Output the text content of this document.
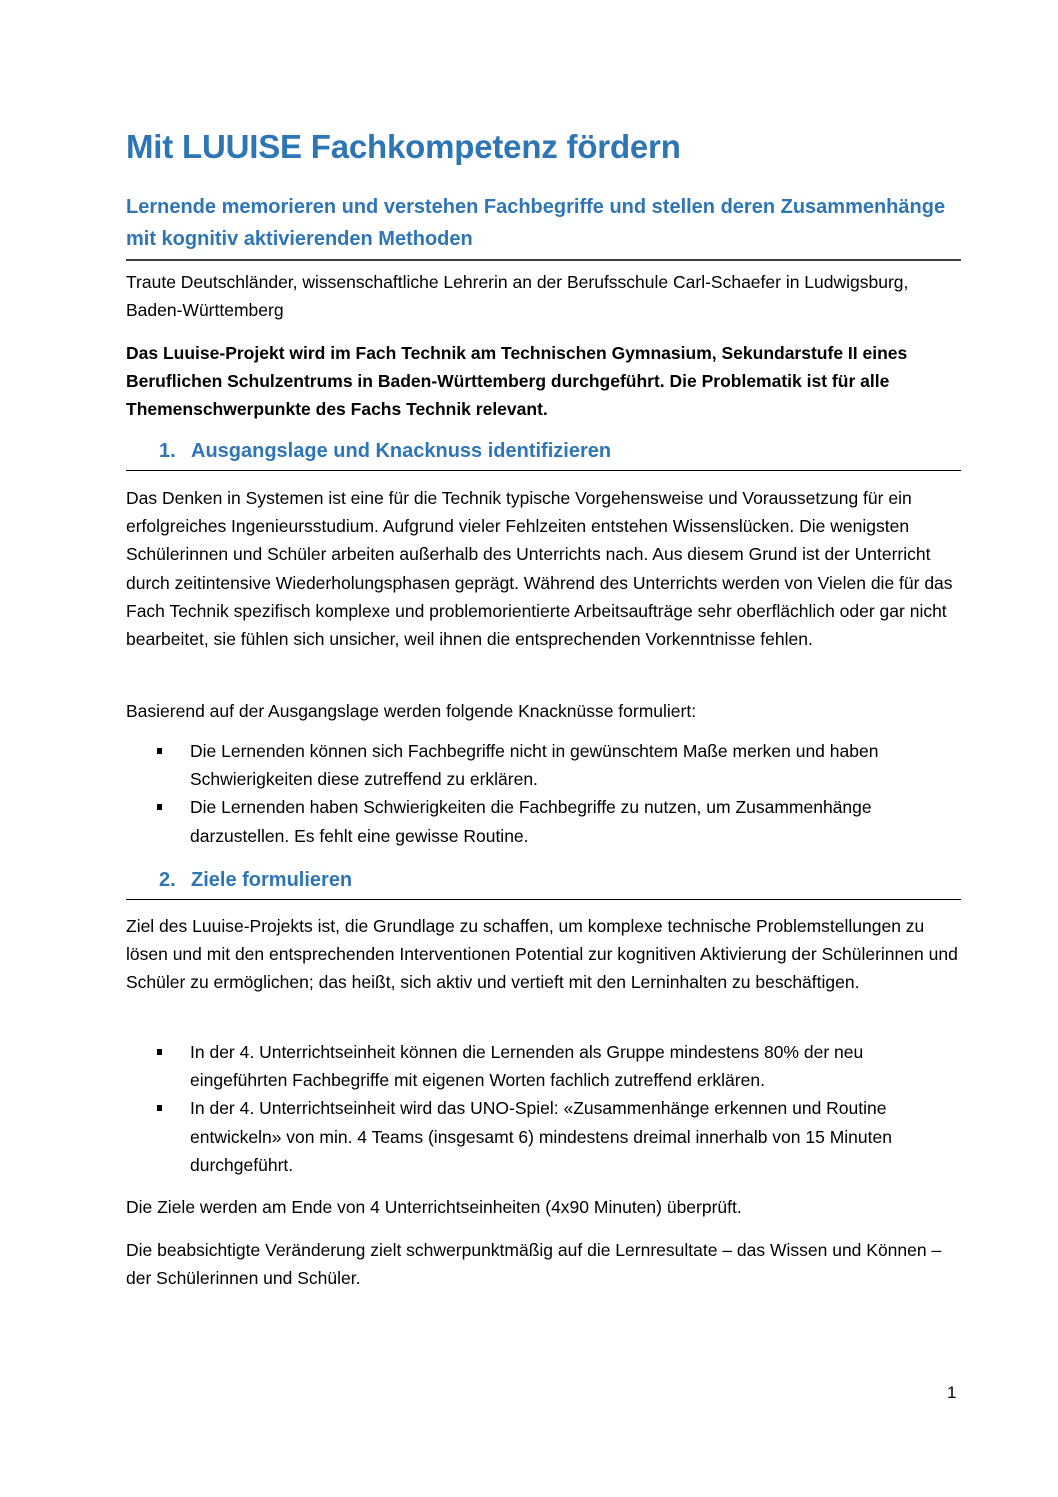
Mit LUUISE Fachkompetenz fördern
Lernende memorieren und verstehen Fachbegriffe und stellen deren Zusammenhänge mit kognitiv aktivierenden Methoden
Traute Deutschländer, wissenschaftliche Lehrerin an der Berufsschule Carl-Schaefer in Ludwigsburg, Baden-Württemberg
Das Luuise-Projekt wird im Fach Technik am Technischen Gymnasium, Sekundarstufe II eines Beruflichen Schulzentrums in Baden-Württemberg durchgeführt. Die Problematik ist für alle Themenschwerpunkte des Fachs Technik relevant.
1. Ausgangslage und Knacknuss identifizieren
Das Denken in Systemen ist eine für die Technik typische Vorgehensweise und Voraussetzung für ein erfolgreiches Ingenieursstudium. Aufgrund vieler Fehlzeiten entstehen Wissenslücken. Die wenigsten Schülerinnen und Schüler arbeiten außerhalb des Unterrichts nach. Aus diesem Grund ist der Unterricht durch zeitintensive Wiederholungsphasen geprägt. Während des Unterrichts werden von Vielen die für das Fach Technik spezifisch komplexe und problemorientierte Arbeitsaufträge sehr oberflächlich oder gar nicht bearbeitet, sie fühlen sich unsicher, weil ihnen die entsprechenden Vorkenntnisse fehlen.
Basierend auf der Ausgangslage werden folgende Knacknüsse formuliert:
Die Lernenden können sich Fachbegriffe nicht in gewünschtem Maße merken und haben Schwierigkeiten diese zutreffend zu erklären.
Die Lernenden haben Schwierigkeiten die Fachbegriffe zu nutzen, um Zusammenhänge darzustellen. Es fehlt eine gewisse Routine.
2. Ziele formulieren
Ziel des Luuise-Projekts ist, die Grundlage zu schaffen, um komplexe technische Problemstellungen zu lösen und mit den entsprechenden Interventionen Potential zur kognitiven Aktivierung der Schülerinnen und Schüler zu ermöglichen; das heißt, sich aktiv und vertieft mit den Lerninhalten zu beschäftigen.
In der 4. Unterrichtseinheit können die Lernenden als Gruppe mindestens 80% der neu eingeführten Fachbegriffe mit eigenen Worten fachlich zutreffend erklären.
In der 4. Unterrichtseinheit wird das UNO-Spiel: «Zusammenhänge erkennen und Routine entwickeln» von min. 4 Teams (insgesamt 6) mindestens dreimal innerhalb von 15 Minuten durchgeführt.
Die Ziele werden am Ende von 4 Unterrichtseinheiten (4x90 Minuten) überprüft.
Die beabsichtigte Veränderung zielt schwerpunktmäßig auf die Lernresultate – das Wissen und Können – der Schülerinnen und Schüler.
1
